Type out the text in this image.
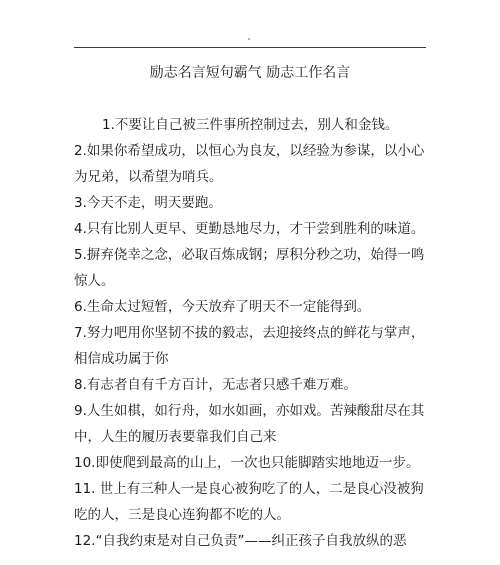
励志名言短句霸气 励志工作名言
1.不要让自己被三件事所控制过去，别人和金钱。
2.如果你希望成功，以恒心为良友，以经验为参谋，以小心
为兄弟，以希望为哨兵。
3.今天不走，明天要跑。
4.只有比别人更早、更勤恳地尽力，才干尝到胜利的味道。
5.摒弃侥幸之念，必取百炼成钢；厚积分秒之功，始得一鸣
惊人。
6.生命太过短暂，今天放弃了明天不一定能得到。
7.努力吧用你坚韧不拔的毅志，去迎接终点的鲜花与掌声，
相信成功属于你
8.有志者自有千方百计，无志者只感千难万难。
9.人生如棋，如行舟，如水如画，亦如戏。苦辣酸甜尽在其
中，人生的履历表要靠我们自己来
10.即使爬到最高的山上，一次也只能脚踏实地地迈一步。
11. 世上有三种人一是良心被狗吃了的人，二是良心没被狗
吃的人，三是良心连狗都不吃的人。
12.“自我约束是对自己负责”——纠正孩子自我放纵的恶
